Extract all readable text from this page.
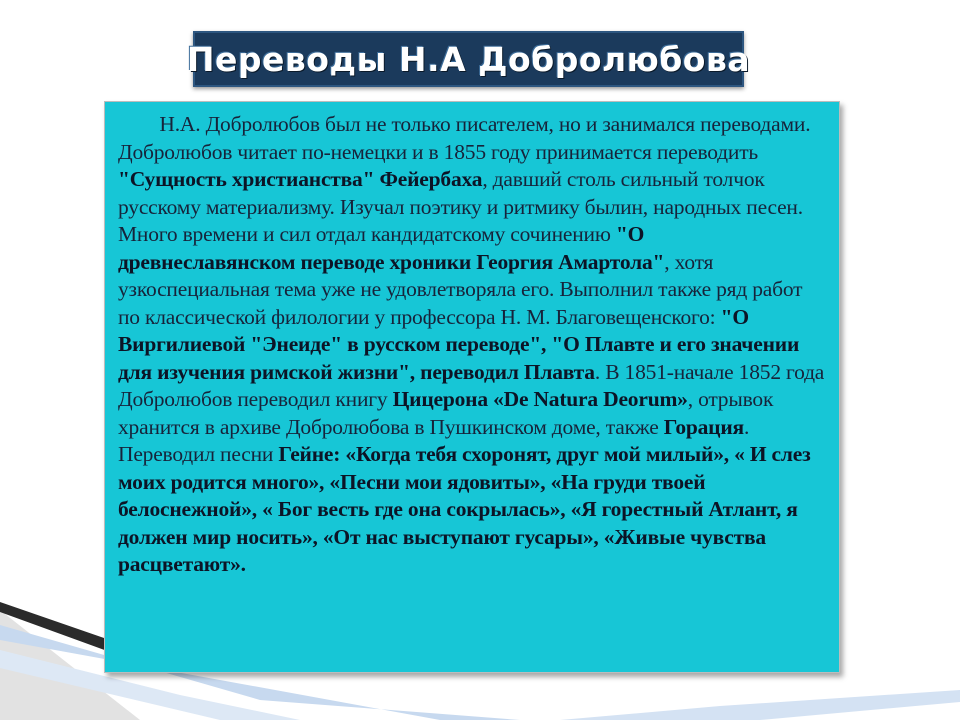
Переводы Н.А Добролюбова

Н.А. Добролюбов был не только писателем, но и занимался переводами. Добролюбов читает по-немецки и в 1855 году принимается переводить "Сущность христианства" Фейербаха, давший столь сильный толчок русскому материализму. Изучал поэтику и ритмику былин, народных песен. Много времени и сил отдал кандидатскому сочинению "О древнеславянском переводе хроники Георгия Амартола", хотя узкоспециальная тема уже не удовлетворяла его. Выполнил также ряд работ по классической филологии у профессора Н. М. Благовещенского: "О Виргилиевой "Энеиде" в русском переводе", "О Плавте и его значении для изучения римской жизни", переводил Плавта. В 1851-начале 1852 года Добролюбов переводил книгу Цицерона «De Natura Deorum», отрывок хранится в архиве Добролюбова в Пушкинском доме, также Горация. Переводил песни Гейне: «Когда тебя схоронят, друг мой милый», « И слез моих родится много», «Песни мои ядовиты», «На груди твоей белоснежной», « Бог весть где она сокрылась», «Я горестный Атлант, я должен мир носить», «От нас выступают гусары», «Живые чувства расцветают».
